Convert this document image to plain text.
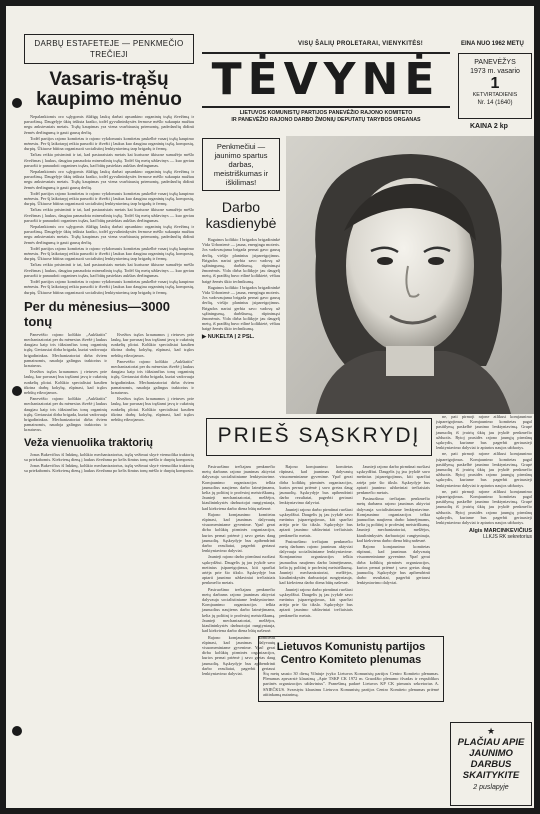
DARBŲ ESTAFETEJE — PENKMEČIO TREČIEJI
Vasaris-trąšų kaupimo mėnuo

Nepalankiomis oro sąlygomis išūžigę laukų darbai apsunkino organinių trąšų išvežimą ir paruošimą. Daugelyje ūkių trūksta kraiko, todėl gyvulininkystės fermose mėšlo sukaupta mažiau negu ankstesniais metais. Trąšų kaupimas yra viena svarbiausių priemonių, padedančių didinti žemės derlingumą ir gauti gausų derlių.

Todėl partijos rajono komitetas ir rajono vykdomasis komitetas paskelbė vasarį trąšų kaupimo mėnesiu. Per šį laikotarpį reikia paruošti ir išvežti į laukus kuo daugiau organinių trąšų, kompostų, durpių. Ūkiuose būtina organizuoti socialistinį lenktyniavimą tarp brigadų ir fermų.

Tačiau reikia prisiminti ir tai, kad pastaraisiais metais kai kuriuose ūkiuose sumažėjo mėšlo išvežimas į laukus, daugiau panaudota mineralinių trąšų. Todėl šių metų uždavinys — kuo geriau paruošti ir panaudoti organines trąšas, kad būtų pasiektas aukštas derlingumas.

Nepalankiomis oro sąlygomis išūžigę laukų darbai apsunkino organinių trąšų išvežimą ir paruošimą. Daugelyje ūkių trūksta kraiko, todėl gyvulininkystės fermose mėšlo sukaupta mažiau negu ankstesniais metais. Trąšų kaupimas yra viena svarbiausių priemonių, padedančių didinti žemės derlingumą ir gauti gausų derlių.

Todėl partijos rajono komitetas ir rajono vykdomasis komitetas paskelbė vasarį trąšų kaupimo mėnesiu. Per šį laikotarpį reikia paruošti ir išvežti į laukus kuo daugiau organinių trąšų, kompostų, durpių. Ūkiuose būtina organizuoti socialistinį lenktyniavimą tarp brigadų ir fermų.

Tačiau reikia prisiminti ir tai, kad pastaraisiais metais kai kuriuose ūkiuose sumažėjo mėšlo išvežimas į laukus, daugiau panaudota mineralinių trąšų. Todėl šių metų uždavinys — kuo geriau paruošti ir panaudoti organines trąšas, kad būtų pasiektas aukštas derlingumas.

Nepalankiomis oro sąlygomis išūžigę laukų darbai apsunkino organinių trąšų išvežimą ir paruošimą. Daugelyje ūkių trūksta kraiko, todėl gyvulininkystės fermose mėšlo sukaupta mažiau negu ankstesniais metais. Trąšų kaupimas yra viena svarbiausių priemonių, padedančių didinti žemės derlingumą ir gauti gausų derlių.

Todėl partijos rajono komitetas ir rajono vykdomasis komitetas paskelbė vasarį trąšų kaupimo mėnesiu. Per šį laikotarpį reikia paruošti ir išvežti į laukus kuo daugiau organinių trąšų, kompostų, durpių. Ūkiuose būtina organizuoti socialistinį lenktyniavimą tarp brigadų ir fermų.

Tačiau reikia prisiminti ir tai, kad pastaraisiais metais kai kuriuose ūkiuose sumažėjo mėšlo išvežimas į laukus, daugiau panaudota mineralinių trąšų. Todėl šių metų uždavinys — kuo geriau paruošti ir panaudoti organines trąšas, kad būtų pasiektas aukštas derlingumas.

Todėl partijos rajono komitetas ir rajono vykdomasis komitetas paskelbė vasarį trąšų kaupimo mėnesiu. Per šį laikotarpį reikia paruošti ir išvežti į laukus kuo daugiau organinių trąšų, kompostų, durpių. Ūkiuose būtina organizuoti socialistinį lenktyniavimą tarp brigadų ir fermų.

Per du mėnesius—3000 tonų

Panevėžio rajono kolūkio „Aukštaitis" mechanizatoriai per du mėnesius išvežė į laukus daugiau kaip tris tūkstančius tonų organinių trąšų. Geriausiai dirba brigada, kuriai vadovauja brigadininkas. Mechanizatoriai dirba dviem pamainomis, naudoja galingus traktorius ir krautuvus.

Išvežtos trąšos kraunamos į rietuves prie laukų, kur pavasarį bus tręšiami javų ir cukrinių runkelių plotai. Kolūkio specialistai kasdien tikrina darbų kokybę, rūpinasi, kad trąšos nebūtų eikvojamos.

Panevėžio rajono kolūkio „Aukštaitis" mechanizatoriai per du mėnesius išvežė į laukus daugiau kaip tris tūkstančius tonų organinių trąšų. Geriausiai dirba brigada, kuriai vadovauja brigadininkas. Mechanizatoriai dirba dviem pamainomis, naudoja galingus traktorius ir krautuvus.

Išvežtos trąšos kraunamos į rietuves prie laukų, kur pavasarį bus tręšiami javų ir cukrinių runkelių plotai. Kolūkio specialistai kasdien tikrina darbų kokybę, rūpinasi, kad trąšos nebūtų eikvojamos.

Panevėžio rajono kolūkio „Aukštaitis" mechanizatoriai per du mėnesius išvežė į laukus daugiau kaip tris tūkstančius tonų organinių trąšų. Geriausiai dirba brigada, kuriai vadovauja brigadininkas. Mechanizatoriai dirba dviem pamainomis, naudoja galingus traktorius ir krautuvus.

Išvežtos trąšos kraunamos į rietuves prie laukų, kur pavasarį bus tręšiami javų ir cukrinių runkelių plotai. Kolūkio specialistai kasdien tikrina darbų kokybę, rūpinasi, kad trąšos nebūtų eikvojamos.

Veža vienuolika traktorių

Jonas Bukevičius iš Inkūnų, kolūkio mechanizatorius, trąšų vežimui skyrė vienuolika traktorių su priekabomis. Kiekvieną dieną į laukus išvežama po kelis šimtus tonų mėšlo ir durpių komposto.

Jonas Bukevičius iš Inkūnų, kolūkio mechanizatorius, trąšų vežimui skyrė vienuolika traktorių su priekabomis. Kiekvieną dieną į laukus išvežama po kelis šimtus tonų mėšlo ir durpių komposto.

VISŲ ŠALIŲ PROLETARAI, VIENYKITĖS!	EINA NUO 1962 METŲ
TĖVYNĖ
LIETUVOS KOMUNISTŲ PARTIJOS PANEVĖŽIO RAJONO KOMITETO
IR PANEVĖŽIO RAJONO DARBO ŽMONIŲ DEPUTATŲ TARYBOS ORGANAS
PANEVĖŽYS
1973 m. vasario
1
KETVIRTADIENIS
Nr. 14 (1640)
KAINA 2 kp
Penkmečiui — jaunimo spartus darbas, meistriškumas ir iškilimas!
Darbo kasdienybė

Ragainos kolūkio I brigados brigadininkė Vida Urbonienė — jauna, energinga moteris. Jos vadovaujama brigada pernai gavo gausų derlių, viršijo planinius įsipareigojimus. Brigados nariai gerbia savo vadovę už sąžiningumą, darbštumą, rūpinimąsi žmonėmis. Vida dirba kolūkyje jau daugelį metų, iš pradžių buvo eilinė kolūkietė, vėliau baigė žemės ūkio technikumą.

Ragainos kolūkio I brigados brigadininkė Vida Urbonienė — jauna, energinga moteris. Jos vadovaujama brigada pernai gavo gausų derlių, viršijo planinius įsipareigojimus. Brigados nariai gerbia savo vadovę už sąžiningumą, darbštumą, rūpinimąsi žmonėmis. Vida dirba kolūkyje jau daugelį metų, iš pradžių buvo eilinė kolūkietė, vėliau baigė žemės ūkio technikumą.

▶ NUKELTA Į 2 PSL.
PRIEŠ SĄSKRYDĮ

Pasiruošimo trečiajam penkmečio metų darbams rajono jaunimas aktyviai dalyvauja socialistiniame lenktyniavime. Komjaunimo organizacijos telkia jaunuolius naujiems darbo laimėjimams, kelia jų politinį ir profesinį meistriškumą. Jaunieji mechanizatoriai, melžėjos, kiaulininkystės darbuotojai rungtyniauja, kad kiekviena darbo diena būtų našesnė.

Rajono komjaunimo komitetas rūpinasi, kad jaunimas dalyvautų visuomeniniame gyvenime. Ypač gerai dirba kolūkių pirminės organizacijos, kurios pernai priėmė į savo gretas daug jaunuolių. Sąskrydyje bus apibendrinti darbo rezultatai, pagerbti geriausi lenktyniavimo dalyviai.

Jaunieji rajono darbo pirmūnai ruošiasi sąskrydžiui. Daugelis jų jau įvykdė savo metinius įsipareigojimus, kiti sparčiai artėja prie šio tikslo. Sąskrydyje bus aptarti jaunimo uždaviniai trečiaisiais penkmečio metais.

Pasiruošimo trečiajam penkmečio metų darbams rajono jaunimas aktyviai dalyvauja socialistiniame lenktyniavime. Komjaunimo organizacijos telkia jaunuolius naujiems darbo laimėjimams, kelia jų politinį ir profesinį meistriškumą. Jaunieji mechanizatoriai, melžėjos, kiaulininkystės darbuotojai rungtyniauja, kad kiekviena darbo diena būtų našesnė.

Rajono komjaunimo komitetas rūpinasi, kad jaunimas dalyvautų visuomeniniame gyvenime. Ypač gerai dirba kolūkių pirminės organizacijos, kurios pernai priėmė į savo gretas daug jaunuolių. Sąskrydyje bus apibendrinti darbo rezultatai, pagerbti geriausi lenktyniavimo dalyviai.

Rajono komjaunimo komitetas rūpinasi, kad jaunimas dalyvautų visuomeniniame gyvenime. Ypač gerai dirba kolūkių pirminės organizacijos, kurios pernai priėmė į savo gretas daug jaunuolių. Sąskrydyje bus apibendrinti darbo rezultatai, pagerbti geriausi lenktyniavimo dalyviai.

Jaunieji rajono darbo pirmūnai ruošiasi sąskrydžiui. Daugelis jų jau įvykdė savo metinius įsipareigojimus, kiti sparčiai artėja prie šio tikslo. Sąskrydyje bus aptarti jaunimo uždaviniai trečiaisiais penkmečio metais.

Pasiruošimo trečiajam penkmečio metų darbams rajono jaunimas aktyviai dalyvauja socialistiniame lenktyniavime. Komjaunimo organizacijos telkia jaunuolius naujiems darbo laimėjimams, kelia jų politinį ir profesinį meistriškumą. Jaunieji mechanizatoriai, melžėjos, kiaulininkystės darbuotojai rungtyniauja, kad kiekviena darbo diena būtų našesnė.

Jaunieji rajono darbo pirmūnai ruošiasi sąskrydžiui. Daugelis jų jau įvykdė savo metinius įsipareigojimus, kiti sparčiai artėja prie šio tikslo. Sąskrydyje bus aptarti jaunimo uždaviniai trečiaisiais penkmečio metais.

Jaunieji rajono darbo pirmūnai ruošiasi sąskrydžiui. Daugelis jų jau įvykdė savo metinius įsipareigojimus, kiti sparčiai artėja prie šio tikslo. Sąskrydyje bus aptarti jaunimo uždaviniai trečiaisiais penkmečio metais.

Pasiruošimo trečiajam penkmečio metų darbams rajono jaunimas aktyviai dalyvauja socialistiniame lenktyniavime. Komjaunimo organizacijos telkia jaunuolius naujiems darbo laimėjimams, kelia jų politinį ir profesinį meistriškumą. Jaunieji mechanizatoriai, melžėjos, kiaulininkystės darbuotojai rungtyniauja, kad kiekviena darbo diena būtų našesnė.

Rajono komjaunimo komitetas rūpinasi, kad jaunimas dalyvautų visuomeniniame gyvenime. Ypač gerai dirba kolūkių pirminės organizacijos, kurios pernai priėmė į savo gretas daug jaunuolių. Sąskrydyje bus apibendrinti darbo rezultatai, pagerbti geriausi lenktyniavimo dalyviai.

ne, pati pirmoji rajone atlikusi komjaunimo įsipareigojimus. Komjaunimo komitetas pagal pasiūlymą paskelbė jaunimo lenktyniavimą. Grupė jaunuolių iš įvairių ūkių jau įvykdė penkmečio užduotis. Rytoj prasidės rajono jaunųjų pirmūnų sąskrydis, kuriame bus pagerbti geriausieji lenktyniavimo dalyviai ir aptartos naujos užduotys.

ne, pati pirmoji rajone atlikusi komjaunimo įsipareigojimus. Komjaunimo komitetas pagal pasiūlymą paskelbė jaunimo lenktyniavimą. Grupė jaunuolių iš įvairių ūkių jau įvykdė penkmečio užduotis. Rytoj prasidės rajono jaunųjų pirmūnų sąskrydis, kuriame bus pagerbti geriausieji lenktyniavimo dalyviai ir aptartos naujos užduotys.

ne, pati pirmoji rajone atlikusi komjaunimo įsipareigojimus. Komjaunimo komitetas pagal pasiūlymą paskelbė jaunimo lenktyniavimą. Grupė jaunuolių iš įvairių ūkių jau įvykdė penkmečio užduotis. Rytoj prasidės rajono jaunųjų pirmūnų sąskrydis, kuriame bus pagerbti geriausieji lenktyniavimo dalyviai ir aptartos naujos užduotys.

Algis MARCINKEVIČIUS
LLKJS RK sekretorius
Lietuvos Komunistų partijos Centro Komiteto plenumas
Šių metų sausio 30 dieną Vilniuje įvyko Lietuvos Komunistų partijos Centro Komiteto plenumas. Plenumas apsvarstė klausimą „Apie TSKP CK 1972 m. Gruodžio plenumo išvadas ir respublikos partinės organizacijos uždavinius". Pranešimą padarė Lietuvos KP CK pirmasis sekretorius A. SNIEČKUS. Svarstytu klausimu Lietuvos Komunistų partijos Centro Komiteto plenumas priėmė atitinkamą nutarimą.
★
PLAČIAU APIE JAUNIMO DARBUS SKAITYKITE
2 puslapyje
